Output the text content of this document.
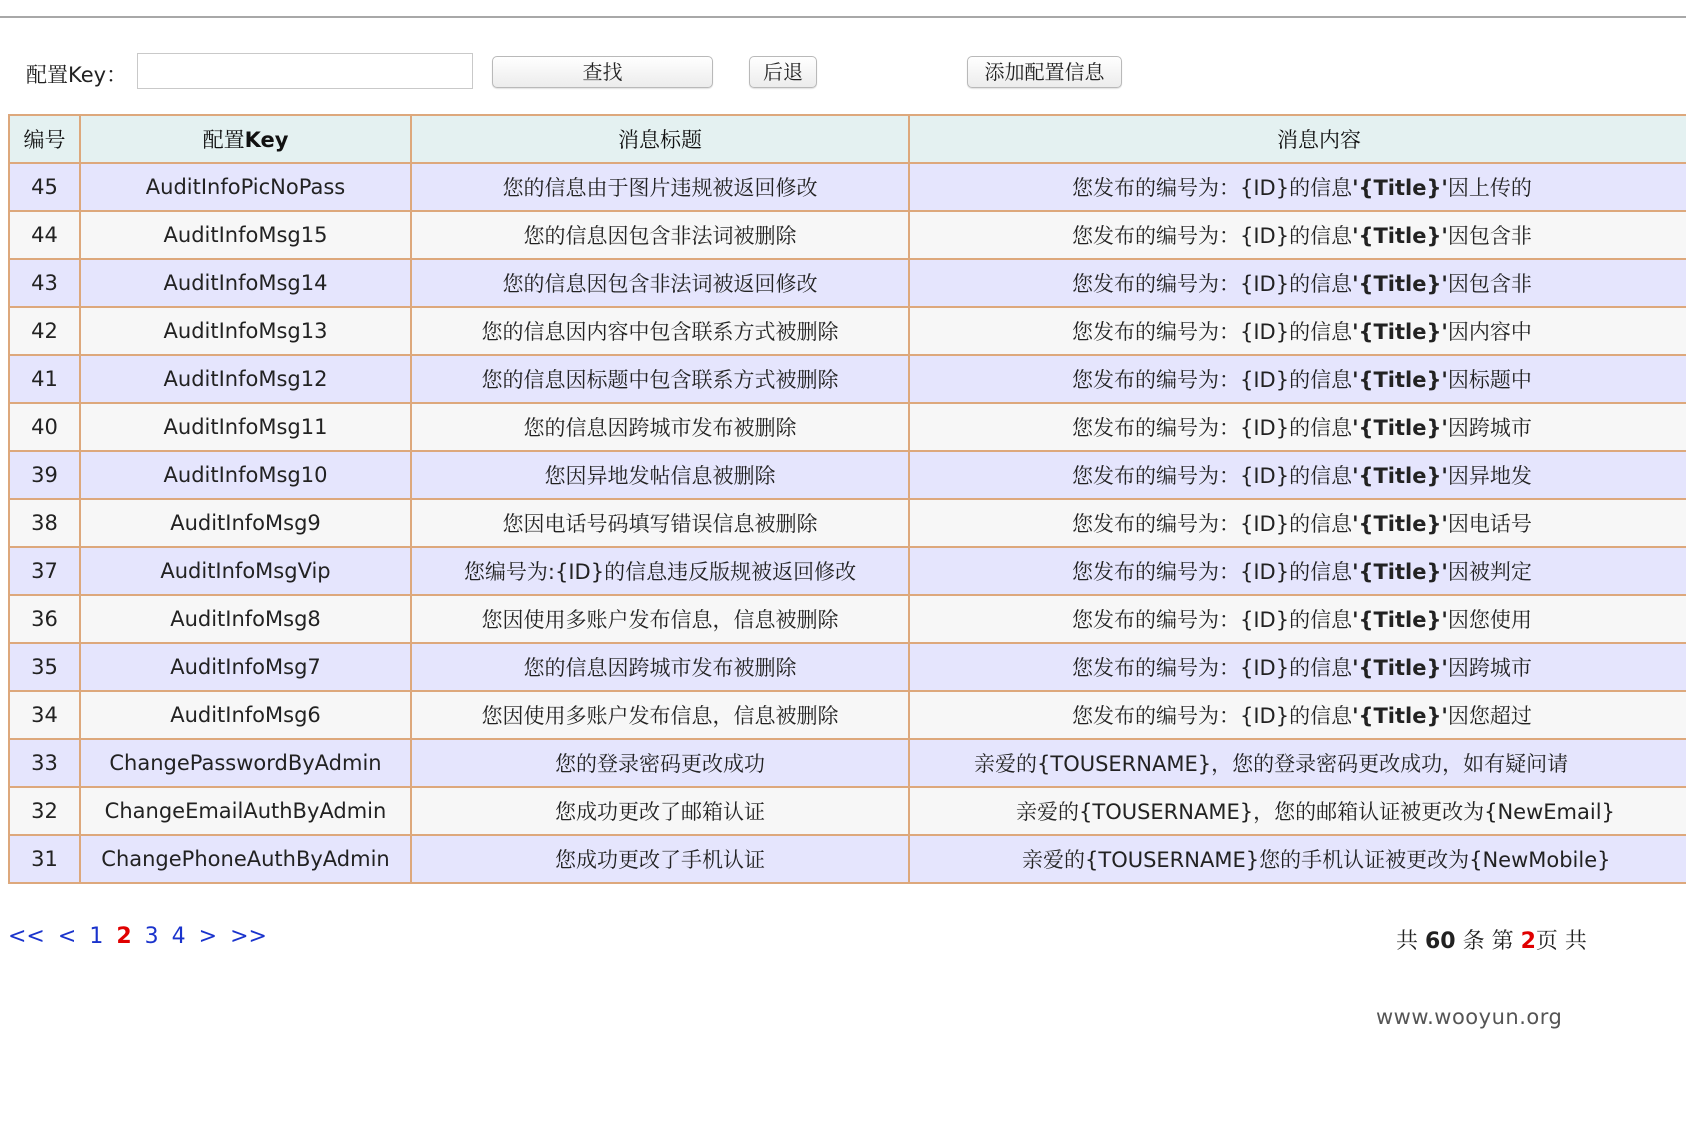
配置Key：	查找	后退	添加配置信息
编号	配置Key	消息标题	消息内容
45	AuditInfoPicNoPass	您的信息由于图片违规被返回修改	您发布的编号为：{ID}的信息'{Title}'因上传的
44	AuditInfoMsg15	您的信息因包含非法词被删除	您发布的编号为：{ID}的信息'{Title}'因包含非
43	AuditInfoMsg14	您的信息因包含非法词被返回修改	您发布的编号为：{ID}的信息'{Title}'因包含非
42	AuditInfoMsg13	您的信息因内容中包含联系方式被删除	您发布的编号为：{ID}的信息'{Title}'因内容中
41	AuditInfoMsg12	您的信息因标题中包含联系方式被删除	您发布的编号为：{ID}的信息'{Title}'因标题中
40	AuditInfoMsg11	您的信息因跨城市发布被删除	您发布的编号为：{ID}的信息'{Title}'因跨城市
39	AuditInfoMsg10	您因异地发帖信息被删除	您发布的编号为：{ID}的信息'{Title}'因异地发
38	AuditInfoMsg9	您因电话号码填写错误信息被删除	您发布的编号为：{ID}的信息'{Title}'因电话号
37	AuditInfoMsgVip	您编号为:{ID}的信息违反版规被返回修改	您发布的编号为：{ID}的信息'{Title}'因被判定
36	AuditInfoMsg8	您因使用多账户发布信息，信息被删除	您发布的编号为：{ID}的信息'{Title}'因您使用
35	AuditInfoMsg7	您的信息因跨城市发布被删除	您发布的编号为：{ID}的信息'{Title}'因跨城市
34	AuditInfoMsg6	您因使用多账户发布信息，信息被删除	您发布的编号为：{ID}的信息'{Title}'因您超过
33	ChangePasswordByAdmin	您的登录密码更改成功	亲爱的{TOUSERNAME}，您的登录密码更改成功，如有疑问请
32	ChangeEmailAuthByAdmin	您成功更改了邮箱认证	亲爱的{TOUSERNAME}，您的邮箱认证被更改为{NewEmail}
31	ChangePhoneAuthByAdmin	您成功更改了手机认证	亲爱的{TOUSERNAME}您的手机认证被更改为{NewMobile}
<< < 1 2 3 4 > >>	共 60 条 第 2页 共
www.wooyun.org
